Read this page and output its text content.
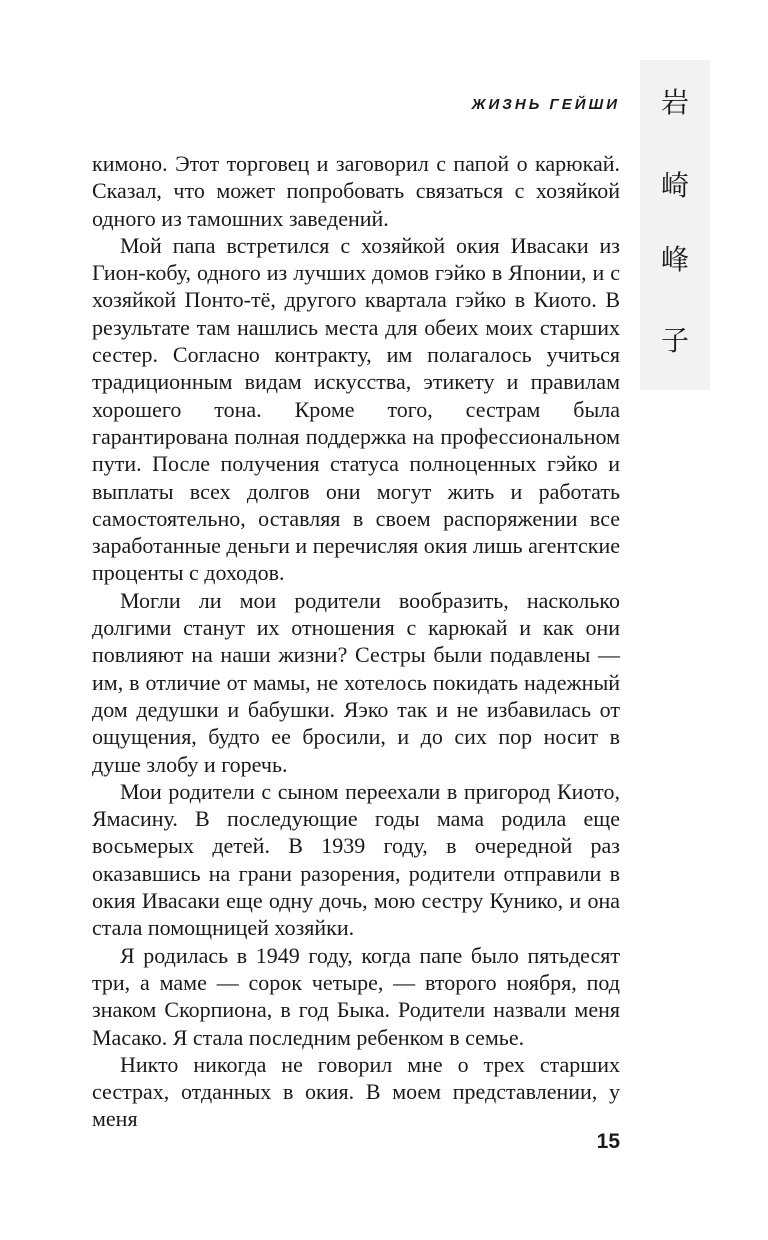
ЖИЗНЬ ГЕЙШИ	岩
崎
峰
子

кимоно. Этот торговец и заговорил с папой о карюкай. Сказал, что может попробовать связаться с хозяйкой одного из тамошних заведений.

Мой папа встретился с хозяйкой окия Ивасаки из Гион-кобу, одного из лучших домов гэйко в Японии, и с хозяйкой Понто-тё, другого квартала гэйко в Киото. В результате там нашлись места для обеих моих старших сестер. Согласно контракту, им полагалось учиться традиционным видам искусства, этикету и правилам хорошего тона. Кроме того, сестрам была гарантирована полная поддержка на профессиональном пути. После получения статуса полноценных гэйко и выплаты всех долгов они могут жить и работать самостоятельно, оставляя в своем распоряжении все заработанные деньги и перечисляя окия лишь агентские проценты с доходов.

Могли ли мои родители вообразить, насколько долгими станут их отношения с карюкай и как они повлияют на наши жизни? Сестры были подавлены — им, в отличие от мамы, не хотелось покидать надежный дом дедушки и бабушки. Яэко так и не избавилась от ощущения, будто ее бросили, и до сих пор носит в душе злобу и горечь.

Мои родители с сыном переехали в пригород Киото, Ямасину. В последующие годы мама родила еще восьмерых детей. В 1939 году, в очередной раз оказавшись на грани разорения, родители отправили в окия Ивасаки еще одну дочь, мою сестру Кунико, и она стала помощницей хозяйки.

Я родилась в 1949 году, когда папе было пятьдесят три, а маме — сорок четыре, — второго ноября, под знаком Скорпиона, в год Быка. Родители назвали меня Масако. Я стала последним ребенком в семье.

Никто никогда не говорил мне о трех старших сестрах, отданных в окия. В моем представлении, у меня

15
